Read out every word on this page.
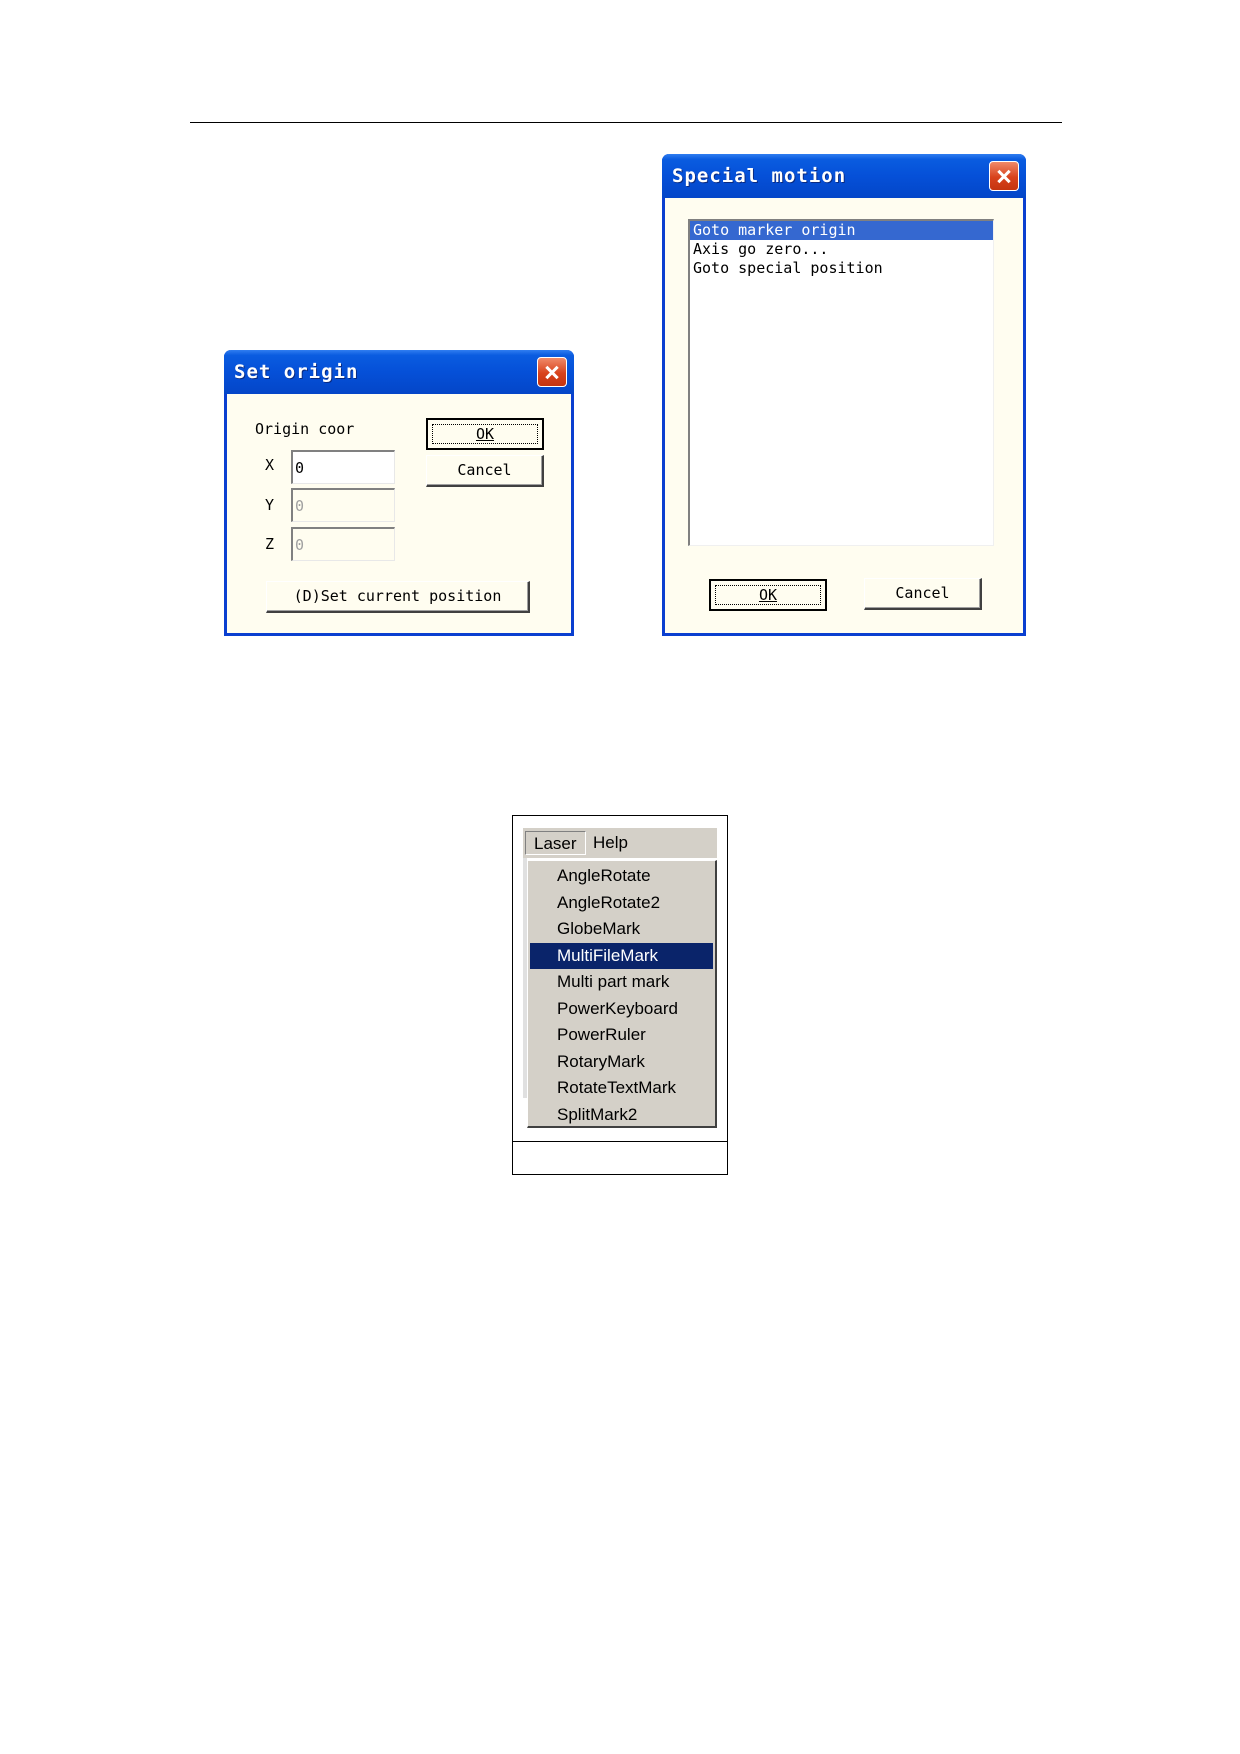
Set origin
Origin coor
X
0
Y
0
Z
0
OK
Cancel
(D)Set current position
Special motion
Goto marker origin
Axis go zero...
Goto special position
OK	Cancel
Laser Help
AngleRotate
AngleRotate2
GlobeMark
MultiFileMark
Multi part mark
PowerKeyboard
PowerRuler
RotaryMark
RotateTextMark
SplitMark2
